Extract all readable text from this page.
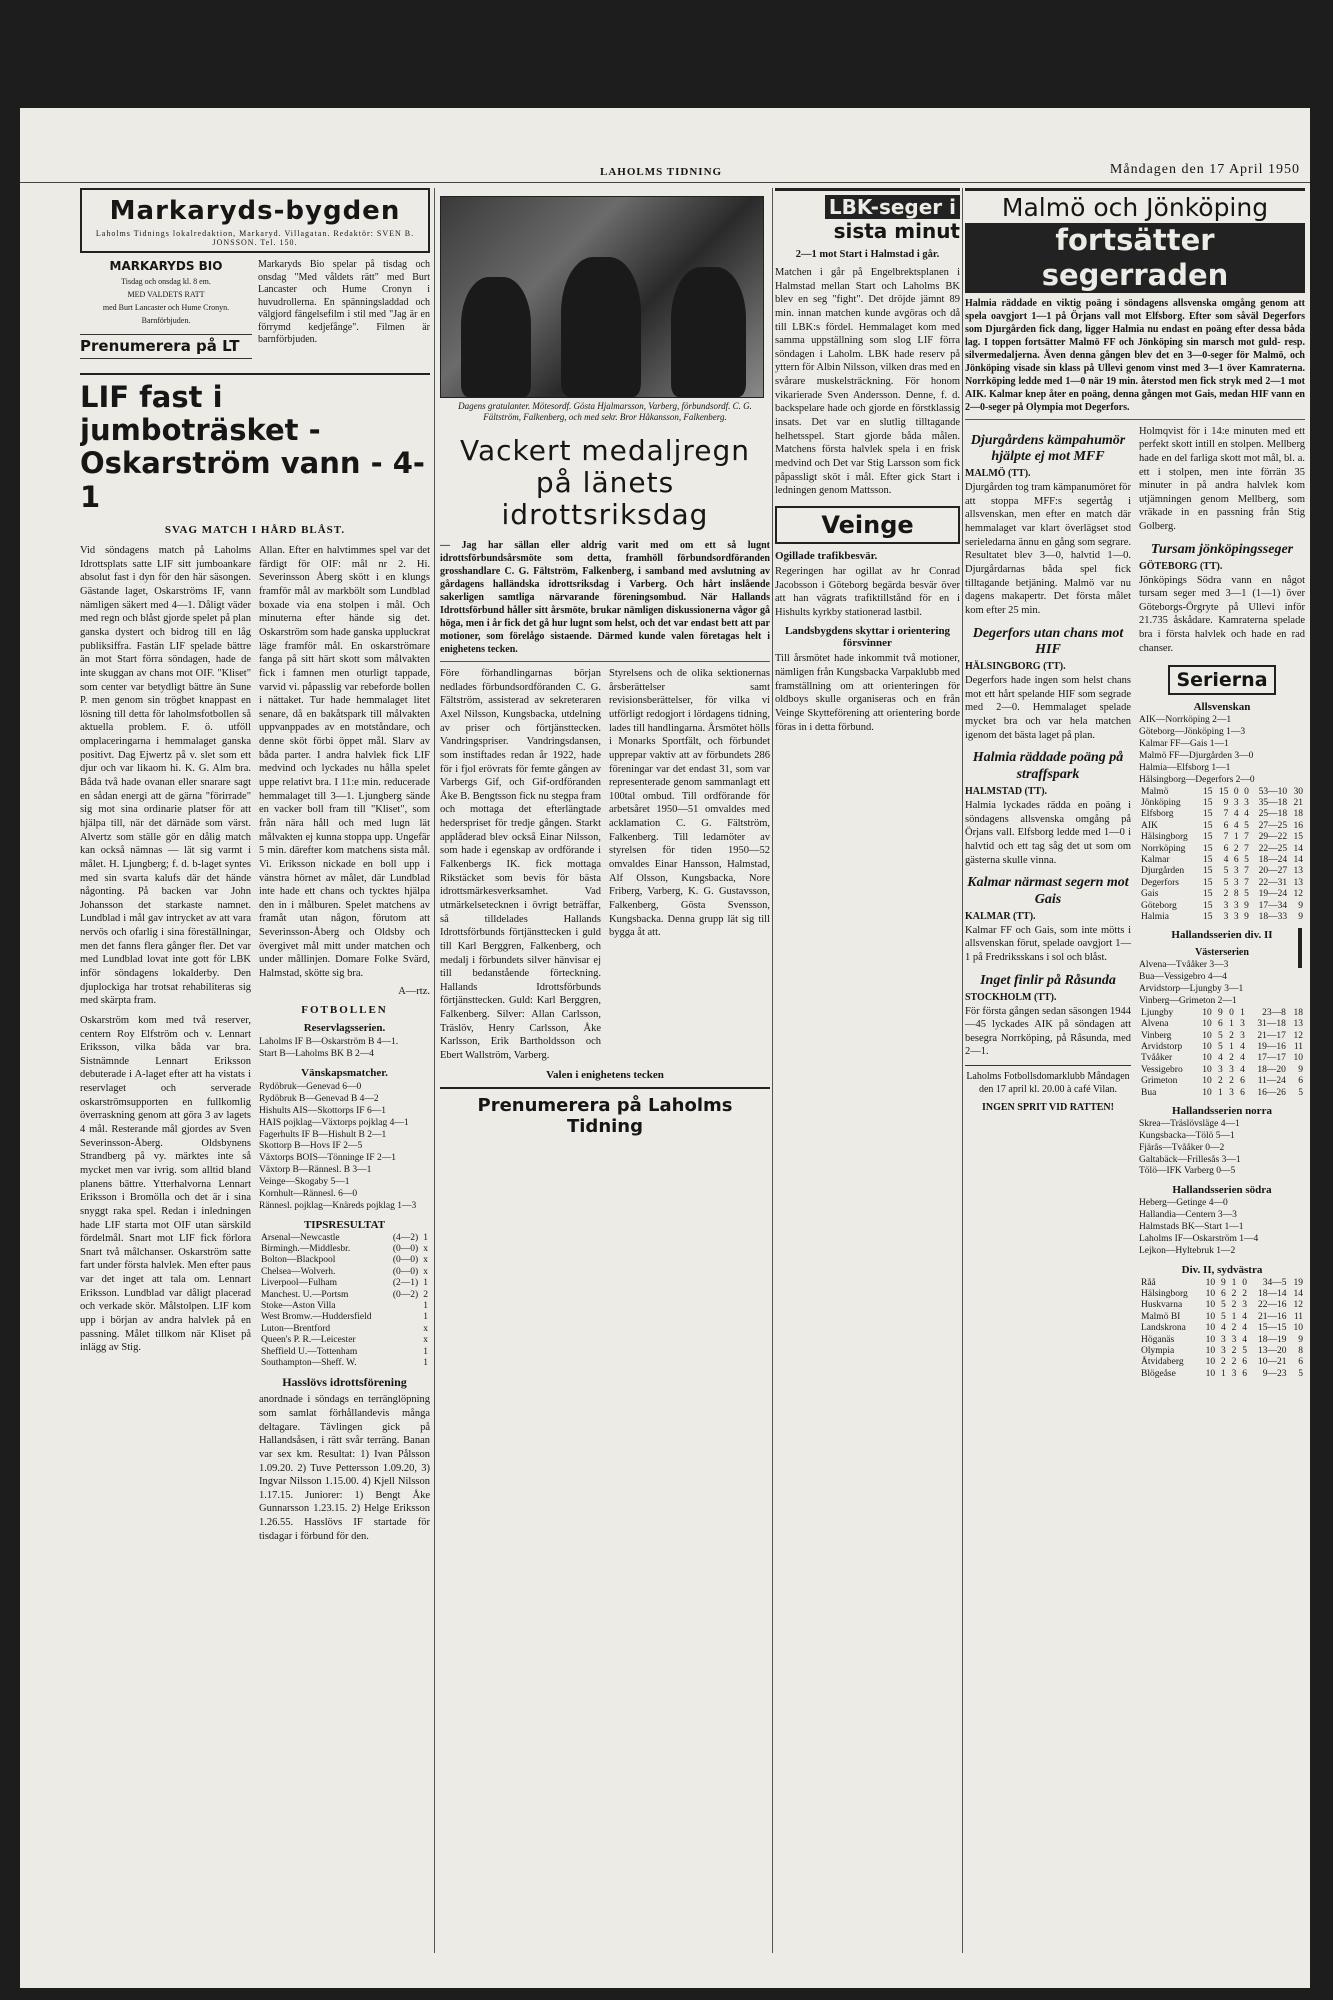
LAHOLMS TIDNING	Måndagen den 17 April 1950
Markaryds-bygden
Laholms Tidnings lokalredaktion, Markaryd. Villagatan. Redaktör: SVEN B. JONSSON. Tel. 150.
MARKARYDS BIO

Tisdag och onsdag kl. 8 em.

MED VALDETS RATT

med Burt Lancaster och Hume Cronyn.

Barnförbjuden.

Prenumerera på LT
Markaryds Bio spelar på tisdag och onsdag "Med våldets rätt" med Burt Lancaster och Hume Cronyn i huvudrollerna. En spänningsladdad och välgjord fängelsefilm i stil med "Jag är en förrymd kedjefånge". Filmen är barnförbjuden.
LIF fast i jumboträsket - Oskarström vann - 4-1
SVAG MATCH I HÅRD BLÅST.
Vid söndagens match på Laholms Idrottsplats satte LIF sitt jumboankare absolut fast i dyn för den här säsongen. Gästande laget, Oskarströms IF, vann nämligen säkert med 4—1. Dåligt väder med regn och blåst gjorde spelet på plan ganska dystert och bidrog till en låg publiksiffra. Fastän LIF spelade bättre än mot Start förra söndagen, hade de inte skuggan av chans mot OIF. "Kliset" som center var betydligt bättre än Sune P. men genom sin trögbet knappast en lösning till detta för laholmsfotbollen så aktuella problem. F. ö. utföll omplaceringarna i hemmalaget ganska positivt. Dag Ejwertz på v. slet som ett djur och var likaom hi. K. G. Alm bra. Båda två hade ovanan eller snarare sagt en sådan energi att de gärna "förirrade" sig mot sina ordinarie platser för att hjälpa till, när det därnäde som värst. Alvertz som ställe gör en dålig match kan också nämnas — lät sig varmt i målet. H. Ljungberg; f. d. b-laget syntes med sin svarta kalufs där det hände någonting. På backen var John Johansson det starkaste namnet. Lundblad i mål gav intrycket av att vara nervös och ofarlig i sina föreställningar, men det fanns flera gånger fler. Det var med Lundblad lovat inte gott för LBK inför söndagens lokalderby. Den djuplockiga har trotsat rehabiliteras sig med skärpta fram.
Oskarström kom med två reserver, centern Roy Elfström och v. Lennart Eriksson, vilka båda var bra. Sistnämnde Lennart Eriksson debuterade i A-laget efter att ha vistats i reservlaget och serverade oskarströmsupporten en fullkomlig överraskning genom att göra 3 av lagets 4 mål. Resterande mål gjordes av Sven Severinsson-Åberg. Oldsbynens Strandberg på vy. märktes inte så mycket men var ivrig. som alltid bland planens bättre. Ytterhalvorna Lennart Eriksson i Bromölla och det är i sina snyggt raka spel. Redan i inledningen hade LIF starta mot OIF utan särskild fördelmål. Snart mot LIF fick förlora Snart två målchanser. Oskarström satte fart under första halvlek. Men efter paus var det inget att tala om. Lennart Eriksson. Lundblad var dåligt placerad och verkade skör. Målstolpen. LIF kom upp i början av andra halvlek på en passning. Målet tillkom när Kliset på inlägg av Stig.
Allan. Efter en halvtimmes spel var det färdigt för OIF: mål nr 2. Hi. Severinsson Åberg skött i en klungs framför mål av markbölt som Lundblad boxade via ena stolpen i mål. Och minuterna efter hände sig det. Oskarström som hade ganska uppluckrat läge framför mål. En oskarströmare fanga på sitt härt skott som målvakten fick i famnen men oturligt tappade, varvid vi. påpasslig var rebeforde bollen i nättaket. Tur hade hemmalaget litet senare, då en bakåtspark till målvakten uppvanppades av en motståndare, och denne sköt förbi öppet mål. Slarv av båda parter. I andra halvlek fick LIF medvind och lyckades nu hålla spelet uppe relativt bra. I 11:e min. reducerade hemmalaget till 3—1. Ljungberg sände en vacker boll fram till "Kliset", som från nära håll och med lugn lät målvakten ej kunna stoppa upp. Ungefär 5 min. därefter kom matchens sista mål. Vi. Eriksson nickade en boll upp i vänstra hörnet av målet, där Lundblad inte hade ett chans och tycktes hjälpa den in i målburen. Spelet matchens av framåt utan någon, förutom att Severinsson-Åberg och Oldsby och övergivet mål mitt under matchen och under mållinjen. Domare Folke Svärd, Halmstad, skötte sig bra.
A—rtz.
FOTBOLLEN
Reservlagsserien.
Laholms IF B—Oskarström B 4—1.
Start B—Laholms BK B 2—4
Vänskapsmatcher.
Rydöbruk—Genevad 6—0
Rydöbruk B—Genevad B 4—2
Hishults AIS—Skottorps IF 6—1
HAIS pojklag—Växtorps pojklag 4—1
Fagerhults IF B—Hishult B 2—1
Skottorp B—Hovs IF 2—5
Växtorps BOIS—Tönninge IF 2—1
Växtorp B—Rännesl. B 3—1
Veinge—Skogaby 5—1
Kornhult—Rännesl. 6—0
Rännesl. pojklag—Knäreds pojklag 1—3
TIPSRESULTAT
Arsenal—Newcastle	(4—2)	1
Birmingh.—Middlesbr.	(0—0)	x
Bolton—Blackpool	(0—0)	x
Chelsea—Wolverh.	(0—0)	x
Liverpool—Fulham	(2—1)	1
Manchest. U.—Portsm	(0—2)	2
Stoke—Aston Villa		1
West Bromw.—Huddersfield		1
Luton—Brentford		x
Queen's P. R.—Leicester		x
Sheffield U.—Tottenham		1
Southampton—Sheff. W.		1
Hasslövs idrottsförening
anordnade i söndags en terränglöpning som samlat förhållandevis många deltagare. Tävlingen gick på Hallandsåsen, i rätt svår terräng. Banan var sex km. Resultat: 1) Ivan Pålsson 1.09.20. 2) Tuve Pettersson 1.09.20, 3) Ingvar Nilsson 1.15.00. 4) Kjell Nilsson 1.17.15. Juniorer: 1) Bengt Åke Gunnarsson 1.23.15. 2) Helge Eriksson 1.26.55. Hasslövs IF startade för tisdagar i förbund för den.
Dagens gratulanter. Mötesordf. Gösta Hjalmarsson, Varberg, förbundsordf. C. G. Fältström, Falkenberg, och med sekr. Bror Håkansson, Falkenberg.
Vackert medaljregn på länets idrottsriksdag
— Jag har sällan eller aldrig varit med om ett så lugnt idrottsförbundsårsmöte som detta, framhöll förbundsordföranden grosshandlare C. G. Fältström, Falkenberg, i samband med avslutning av gårdagens halländska idrottsriksdag i Varberg. Och hårt inslående sakerligen samtliga närvarande föreningsombud. När Hallands Idrottsförbund håller sitt årsmöte, brukar nämligen diskussionerna vågor gå höga, men i år fick det gå hur lugnt som helst, och det var endast bett att par motioner, som förelågo sistaende. Därmed kunde valen företagas helt i enighetens tecken.
Före förhandlingarnas början nedlades förbundsordföranden C. G. Fältström, assisterad av sekreteraren Axel Nilsson, Kungsbacka, utdelning av priser och förtjänsttecken. Vandringspriser. Vandringsdansen, som instiftades redan år 1922, hade för i fjol erövrats för femte gången av Varbergs Gif, och Gif-ordföranden Åke B. Bengtsson fick nu stegpa fram och mottaga det efterlängtade hederspriset för tredje gången. Starkt applåderad blev också Einar Nilsson, som hade i egenskap av ordförande i Falkenbergs IK. fick mottaga Rikstäcket som bevis för bästa idrottsmärkesverksamhet. Vad utmärkelsetecknen i övrigt beträffar, så tilldelades Hallands Idrottsförbunds förtjänsttecken i guld till Karl Berggren, Falkenberg, och medalj i förbundets silver hänvisar ej till bedanstående förteckning. Hallands Idrottsförbunds förtjänsttecken. Guld: Karl Berggren, Falkenberg. Silver: Allan Carlsson, Träslöv, Henry Carlsson, Åke Karlsson, Erik Bartholdsson och Ebert Wallström, Varberg.
Styrelsens och de olika sektionernas årsberättelser samt revisionsberättelser, för vilka vi utförligt redogjort i lördagens tidning, lades till handlingarna. Årsmötet hölls i Monarks Sportfält, och förbundet upprepar vaktiv att av förbundets 286 föreningar var det endast 31, som var representerade genom sammanlagt ett 100tal ombud. Till ordförande för arbetsåret 1950—51 omvaldes med acklamation C. G. Fältström, Falkenberg. Till ledamöter av styrelsen för tiden 1950—52 omvaldes Einar Hansson, Halmstad, Alf Olsson, Kungsbacka, Nore Friberg, Varberg, K. G. Gustavsson, Falkenberg, Gösta Svensson, Kungsbacka. Denna grupp lät sig till bygga åt att.
Valen i enighetens tecken
Prenumerera på Laholms Tidning
LBK-seger i
sista minut
2—1 mot Start i Halmstad i går.
Matchen i går på Engelbrektsplanen i Halmstad mellan Start och Laholms BK blev en seg "fight". Det dröjde jämnt 89 min. innan matchen kunde avgöras och då till LBK:s fördel. Hemmalaget kom med samma uppställning som slog LIF förra söndagen i Laholm. LBK hade reserv på yttern för Albin Nilsson, vilken dras med en svårare muskelsträckning. För honom vikarierade Sven Andersson. Denne, f. d. backspelare hade och gjorde en förstklassig insats. Det var en slutlig tilltagande helhetsspel. Start gjorde båda målen. Matchens första halvlek spela i en frisk medvind och Det var Stig Larsson som fick påpassligt sköt i mål. Efter gick Start i ledningen genom Mattsson.
Veinge
Ogillade trafikbesvär.
Regeringen har ogillat av hr Conrad Jacobsson i Göteborg begärda besvär över att han vägrats trafiktillstånd för en i Hishults kyrkby stationerad lastbil.
Landsbygdens skyttar i orientering försvinner
Till årsmötet hade inkommit två motioner, nämligen från Kungsbacka Varpaklubb med framställning om att orienteringen för oldboys skulle organiseras och en från Veinge Skytteförening att orientering borde föras in i detta förbund.
Malmö och Jönköping
fortsätter segerraden
Halmia räddade en viktig poäng i söndagens allsvenska omgång genom att spela oavgjort 1—1 på Örjans vall mot Elfsborg. Efter som såväl Degerfors som Djurgården fick dang, ligger Halmia nu endast en poäng efter dessa båda lag. I toppen fortsätter Malmö FF och Jönköping sin marsch mot guld- resp. silvermedaljerna. Även denna gången blev det en 3—0-seger för Malmö, och Jönköping visade sin klass på Ullevi genom vinst med 3—1 över Kamraterna. Norrköping ledde med 1—0 när 19 min. återstod men fick stryk med 2—1 mot AIK. Kalmar knep åter en poäng, denna gången mot Gais, medan HIF vann en 2—0-seger på Olympia mot Degerfors.
Djurgårdens kämpahumör hjälpte ej mot MFF
MALMÖ (TT).
Djurgården tog tram kämpanumöret för att stoppa MFF:s segertåg i allsvenskan, men efter en match där hemmalaget var klart överlägset stod serieledarna ännu en gång som segrare. Resultatet blev 3—0, halvtid 1—0. Djurgårdarnas båda spel fick tilltagande betjäning. Malmö var nu dagens makapertr. Det första målet kom efter 25 min.
Degerfors utan chans mot HIF
HÄLSINGBORG (TT).
Degerfors hade ingen som helst chans mot ett hårt spelande HIF som segrade med 2—0. Hemmalaget spelade mycket bra och var hela matchen igenom det bästa laget på plan.
Halmia räddade poäng på straffspark
HALMSTAD (TT).
Halmia lyckades rädda en poäng i söndagens allsvenska omgång på Örjans vall. Elfsborg ledde med 1—0 i halvtid och ett tag såg det ut som om gästerna skulle vinna.
Kalmar närmast segern mot Gais
KALMAR (TT).
Kalmar FF och Gais, som inte mötts i allsvenskan förut, spelade oavgjort 1—1 på Fredriksskans i sol och blåst.
Inget finlir på Råsunda
STOCKHOLM (TT).
För första gången sedan säsongen 1944—45 lyckades AIK på söndagen att besegra Norrköping, på Råsunda, med 2—1.
Laholms Fotbollsdomarklubb Måndagen den 17 april kl. 20.00 à café Vilan.
INGEN SPRIT VID RATTEN!
Holmqvist för i 14:e minuten med ett perfekt skott intill en stolpen. Mellberg hade en del farliga skott mot mål, bl. a. ett i stolpen, men inte förrän 35 minuter in på andra halvlek kom utjämningen genom Mellberg, som vräkade in en passning från Stig Golberg.
Tursam jönköpingsseger
GÖTEBORG (TT).
Jönköpings Södra vann en något tursam seger med 3—1 (1—1) över Göteborgs-Örgryte på Ullevi inför 21.735 åskådare. Kamraterna spelade bra i första halvlek och hade en rad chanser.
Serierna
Allsvenskan
AIK—Norrköping 2—1
Göteborg—Jönköping 1—3
Kalmar FF—Gais 1—1
Malmö FF—Djurgården 3—0
Halmia—Elfsborg 1—1
Hälsingborg—Degerfors 2—0
Malmö	15	15	0	0	53—10	30
Jönköping	15	9	3	3	35—18	21
Elfsborg	15	7	4	4	25—18	18
AIK	15	6	4	5	27—25	16
Hälsingborg	15	7	1	7	29—22	15
Norrköping	15	6	2	7	22—25	14
Kalmar	15	4	6	5	18—24	14
Djurgården	15	5	3	7	20—27	13
Degerfors	15	5	3	7	22—31	13
Gais	15	2	8	5	19—24	12
Göteborg	15	3	3	9	17—34	9
Halmia	15	3	3	9	18—33	9
Hallandsserien div. II
Västerserien
Alvena—Tvååker 3—3
Bua—Vessigebro 4—4
Arvidstorp—Ljungby 3—1
Vinberg—Grimeton 2—1
Ljungby	10	9	0	1	23—8	18
Alvena	10	6	1	3	31—18	13
Vinberg	10	5	2	3	21—17	12
Arvidstorp	10	5	1	4	19—16	11
Tvååker	10	4	2	4	17—17	10
Vessigebro	10	3	3	4	18—20	9
Grimeton	10	2	2	6	11—24	6
Bua	10	1	3	6	16—26	5
Hallandsserien norra
Skrea—Träslövsläge 4—1
Kungsbacka—Tölö 5—1
Fjärås—Tvååker 0—2
Galtabäck—Frillesås 3—1
Tölö—IFK Varberg 0—5
Hallandsserien södra
Heberg—Getinge 4—0
Hallandia—Centern 3—3
Halmstads BK—Start 1—1
Laholms IF—Oskarström 1—4
Lejkon—Hyltebruk 1—2
Div. II, sydvästra
Råå	10	9	1	0	34—5	19
Hälsingborg	10	6	2	2	18—14	14
Huskvarna	10	5	2	3	22—16	12
Malmö BI	10	5	1	4	21—16	11
Landskrona	10	4	2	4	15—15	10
Höganäs	10	3	3	4	18—19	9
Olympia	10	3	2	5	13—20	8
Åtvidaberg	10	2	2	6	10—21	6
Blögeåse	10	1	3	6	9—23	5
